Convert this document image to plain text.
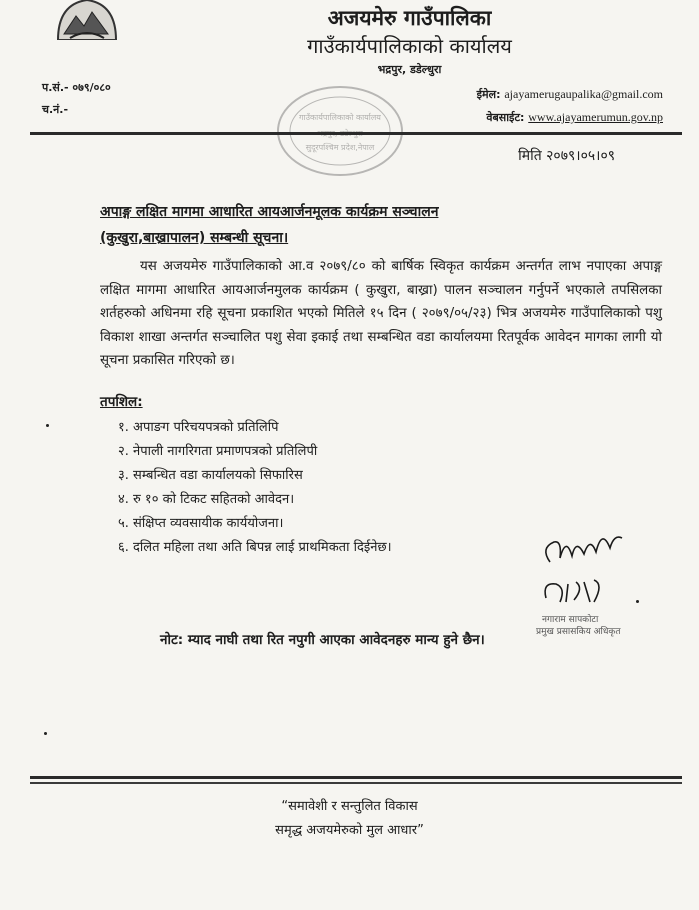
अजयमेरु गाउँपालिका
गाउँकार्यपालिकाको कार्यालय
भद्रपुर, डडेल्धुरा
प.सं.- ०७९/०८०
च.नं.-
ईमेल: ajayamerugaupalika@gmail.com
वेबसाईट: www.ajayamerumun.gov.np
गाउँकार्यपालिकाको कार्यालय
सुदूरपश्चिम प्रदेश,नेपाल
मिति २०७९।०५।०९
अपाङ्ग लक्षित मागमा आधारित आयआर्जनमूलक कार्यक्रम सञ्चालन
(कुखुरा,बाख्रापालन) सम्बन्धी सूचना।
यस अजयमेरु गाउँपालिकाको आ.व २०७९/८० को बार्षिक स्विकृत कार्यक्रम अन्तर्गत लाभ नपाएका अपाङ्ग लक्षित मागमा आधारित आयआर्जनमुलक कार्यक्रम ( कुखुरा, बाख्रा) पालन सञ्चालन गर्नुपर्ने भएकाले तपसिलका शर्तहरुको अधिनमा रहि सूचना प्रकाशित भएको मितिले १५ दिन ( २०७९/०५/२३) भित्र अजयमेरु गाउँपालिकाको पशु विकाश शाखा अन्तर्गत सञ्चालित पशु सेवा इकाई तथा सम्बन्धित वडा कार्यालयमा रितपूर्वक आवेदन मागका लागी यो सूचना प्रकासित गरिएको छ।
तपशिल:
१. अपाङग परिचयपत्रको प्रतिलिपि
२. नेपाली नागरिगता प्रमाणपत्रको प्रतिलिपी
३. सम्बन्धित वडा कार्यालयको सिफारिस
४. रु १० को टिकट सहितको आवेदन।
५. संक्षिप्त व्यवसायीक कार्ययोजना।
६. दलित महिला तथा अति बिपन्न लाई प्राथमिकता दिईनेछ।
नगाराम सापकोटा
प्रमुख प्रसासकिय अधिकृत
नोट: म्याद नाघी तथा रित नपुगी आएका आवेदनहरु मान्य हुने छैन।
“समावेशी र सन्तुलित विकास
समृद्ध अजयमेरुको मुल आधार”
